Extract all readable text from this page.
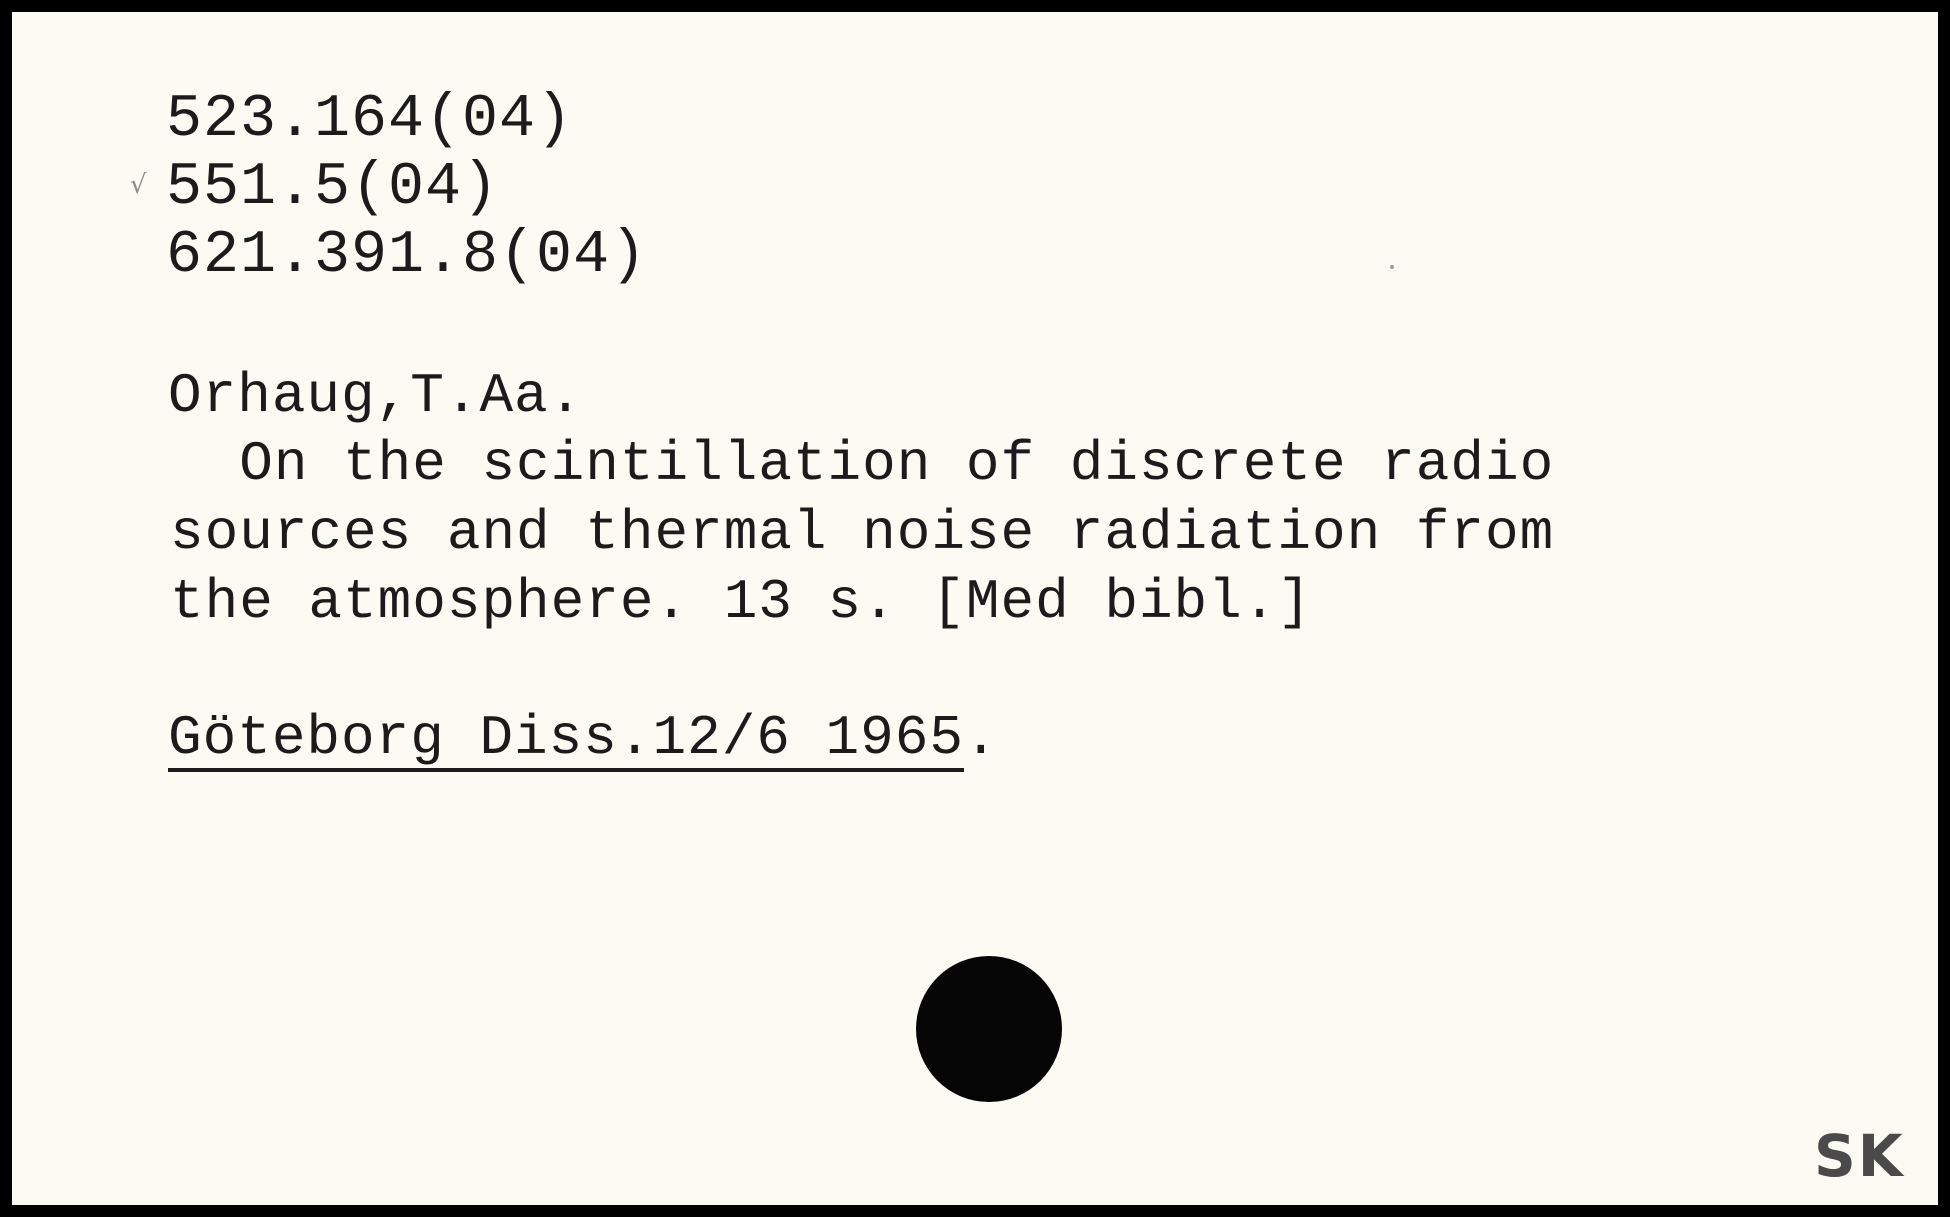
523.164(04)
√ 551.5(04)
621.391.8(04)
Orhaug,T.Aa.
On the scintillation of discrete radio
sources and thermal noise radiation from
the atmosphere. 13 s. [Med bibl.]
Göteborg Diss.12/6 1965.
SK
